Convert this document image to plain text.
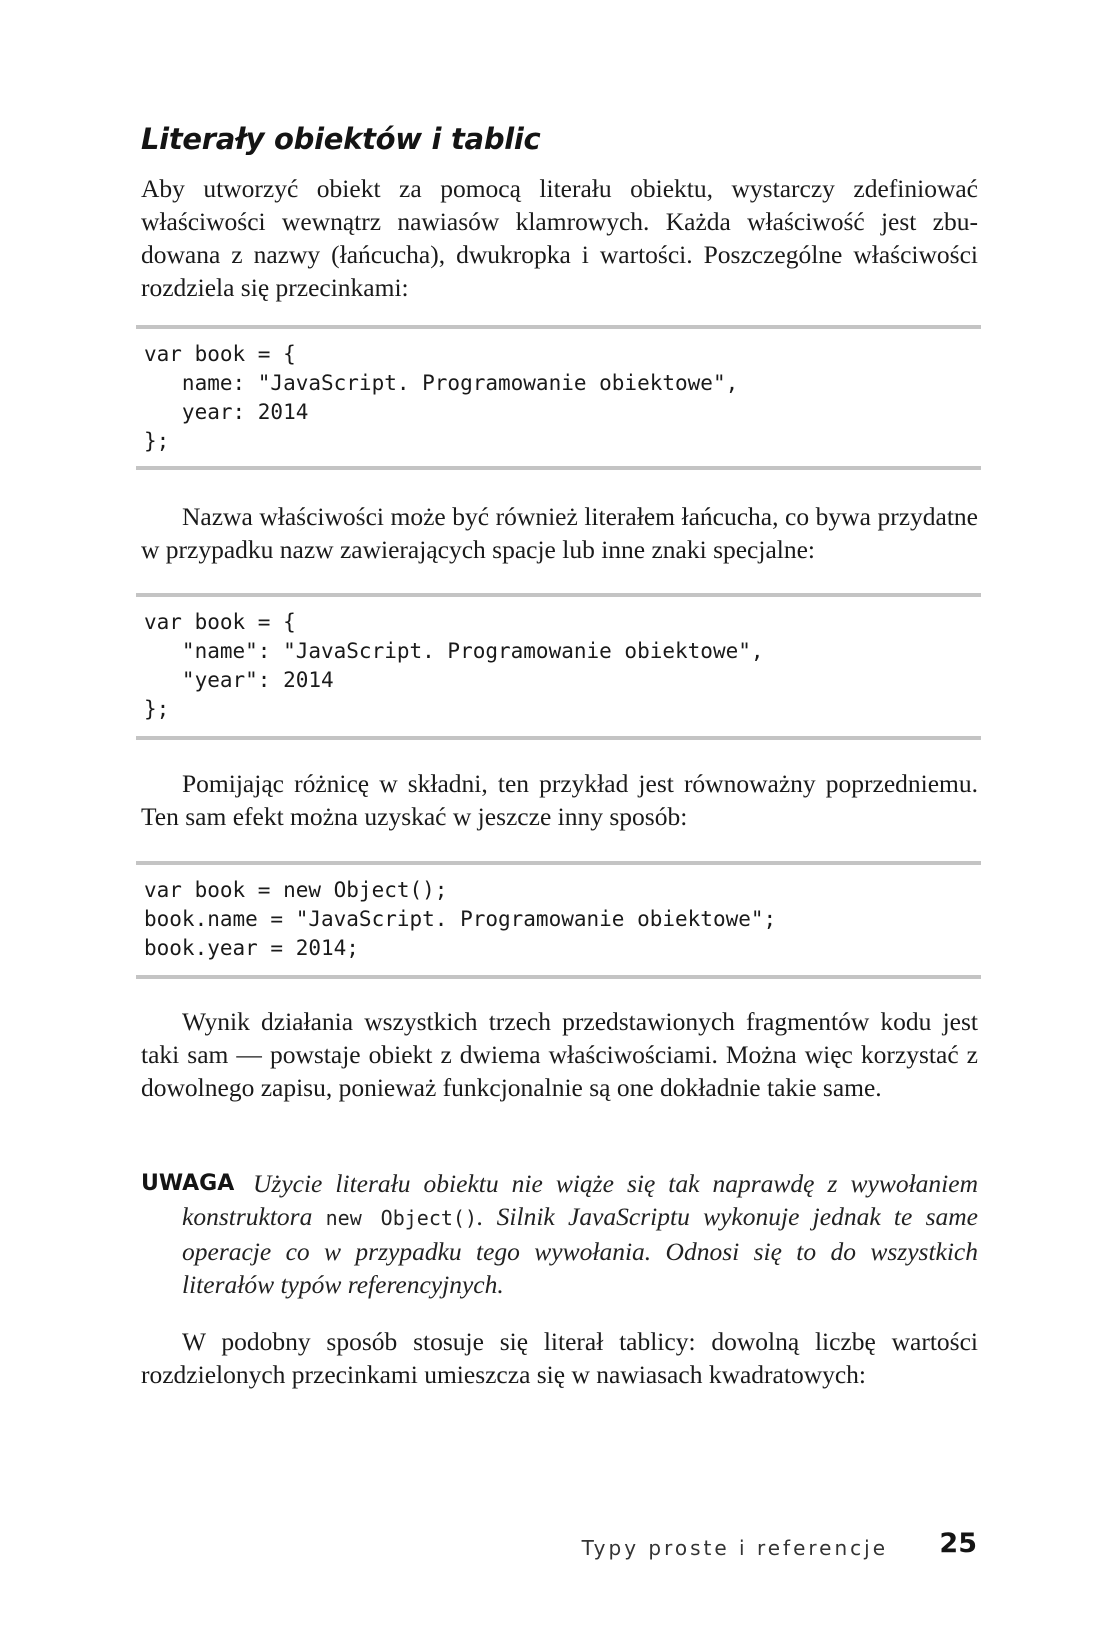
Literały obiektów i tablic

Aby utworzyć obiekt za pomocą literału obiektu, wystarczy zdefiniować właściwości wewnątrz nawiasów klamrowych. Każda właściwość jest zbudowana z nazwy (łańcucha), dwukropka i wartości. Poszczególne właściwości rozdziela się przecinkami:

var book = {
name: "JavaScript. Programowanie obiektowe",
year: 2014
};

Nazwa właściwości może być również literałem łańcucha, co bywa przydatne w przypadku nazw zawierających spacje lub inne znaki specjalne:

var book = {
"name": "JavaScript. Programowanie obiektowe",
"year": 2014
};

Pomijając różnicę w składni, ten przykład jest równoważny poprzedniemu. Ten sam efekt można uzyskać w jeszcze inny sposób:

var book = new Object();
book.name = "JavaScript. Programowanie obiektowe";
book.year = 2014;

Wynik działania wszystkich trzech przedstawionych fragmentów kodu jest taki sam — powstaje obiekt z dwiema właściwościami. Można więc korzystać z dowolnego zapisu, ponieważ funkcjonalnie są one dokładnie takie same.

UWAGA Użycie literału obiektu nie wiąże się tak naprawdę z wywołaniem konstruktora new Object(). Silnik JavaScriptu wykonuje jednak te same operacje co w przypadku tego wywołania. Odnosi się to do wszystkich literałów typów referencyjnych.

W podobny sposób stosuje się literał tablicy: dowolną liczbę wartości rozdzielonych przecinkami umieszcza się w nawiasach kwadratowych:

Typy proste i referencje 25
